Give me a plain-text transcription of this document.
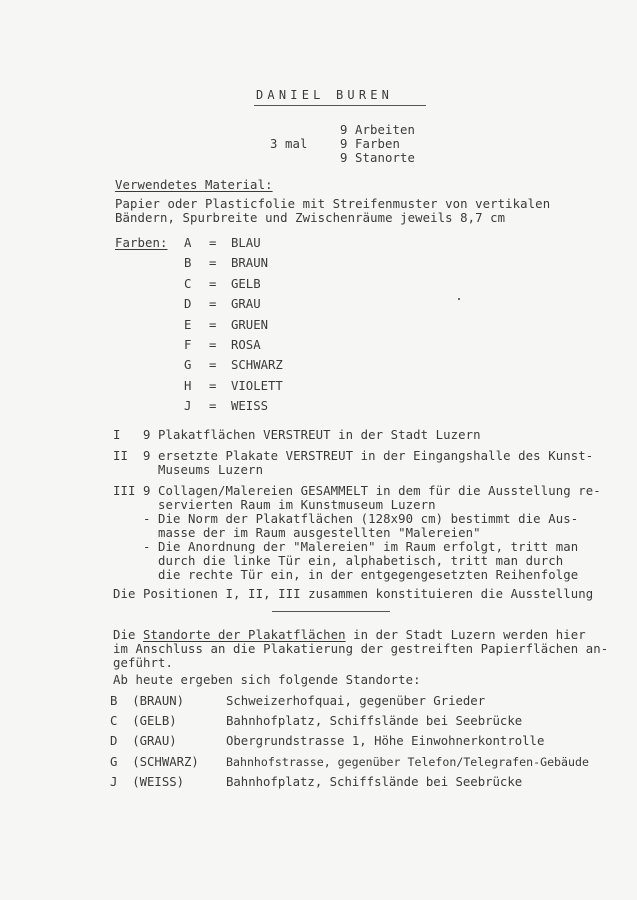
DANIEL BUREN
3 mal
9 Arbeiten
9 Farben
9 Stanorte
Verwendetes Material:
Papier oder Plasticfolie mit Streifenmuster von vertikalen
Bändern, Spurbreite und Zwischenräume jeweils 8,7 cm
Farben: A	=	BLAU
B	=	BRAUN
C	=	GELB
D	=	GRAU
E	=	GRUEN
F	=	ROSA
G	=	SCHWARZ
H	=	VIOLETT
J	=	WEISS
I   9 Plakatflächen VERSTREUT in der Stadt Luzern
II  9 ersetzte Plakate VERSTREUT in der Eingangshalle des Kunst-
Museums Luzern
III 9 Collagen/Malereien GESAMMELT in dem für die Ausstellung re-
servierten Raum im Kunstmuseum Luzern
- Die Norm der Plakatflächen (128x90 cm) bestimmt die Aus-
masse der im Raum ausgestellten "Malereien"
- Die Anordnung der "Malereien" im Raum erfolgt, tritt man
durch die linke Tür ein, alphabetisch, tritt man durch
die rechte Tür ein, in der entgegengesetzten Reihenfolge
Die Positionen I, II, III zusammen konstituieren die Ausstellung
Die Standorte der Plakatflächen in der Stadt Luzern werden hier
im Anschluss an die Plakatierung der gestreiften Papierflächen an-
geführt.
Ab heute ergeben sich folgende Standorte:
B  (BRAUN)	Schweizerhofquai, gegenüber Grieder
C  (GELB)	Bahnhofplatz, Schiffslände bei Seebrücke
D  (GRAU)	Obergrundstrasse 1, Höhe Einwohnerkontrolle
G  (SCHWARZ)	Bahnhofstrasse, gegenüber Telefon/Telegrafen-Gebäude
J  (WEISS)	Bahnhofplatz, Schiffslände bei Seebrücke
